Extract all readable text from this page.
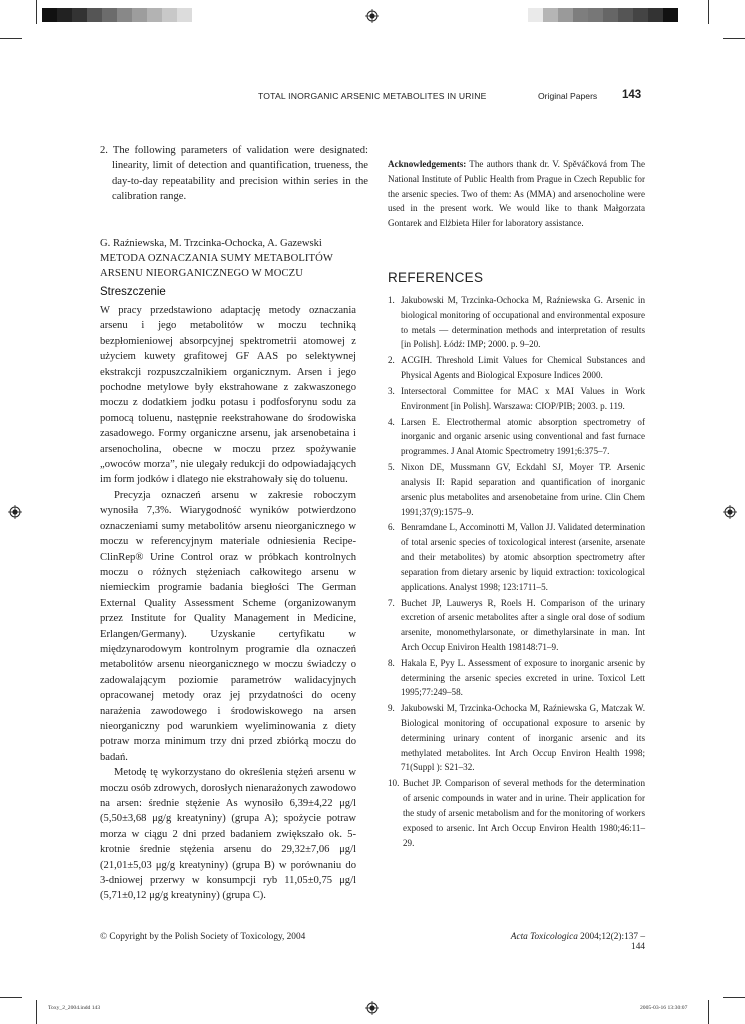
TOTAL INORGANIC ARSENIC METABOLITES IN URINE	Original Papers 143
2. The following parameters of validation were designated: linearity, limit of detection and quantification, trueness, the day-to-day repeatability and precision within series in the calibration range.
G. Raźniewska, M. Trzcinka-Ochocka, A. Gazewski
METODA OZNACZANIA SUMY METABOLITÓW ARSENU NIEORGANICZNEGO W MOCZU
Streszczenie

W pracy przedstawiono adaptację metody oznaczania arsenu i jego metabolitów w moczu techniką bezpłomieniowej absorpcyjnej spektrometrii atomowej z użyciem kuwety grafitowej GF AAS po selektywnej ekstrakcji rozpuszczalnikiem organicznym. Arsen i jego pochodne metylowe były ekstrahowane z zakwaszonego moczu z dodatkiem jodku potasu i podfosforynu sodu za pomocą toluenu, następnie reekstrahowane do środowiska zasadowego. Formy organiczne arsenu, jak arsenobetaina i arsenocholina, obecne w moczu przez spożywanie „owoców morza”, nie ulegały redukcji do odpowiadających im form jodków i dlatego nie ekstrahowały się do toluenu.

Precyzja oznaczeń arsenu w zakresie roboczym wynosiła 7,3%. Wiarygodność wyników potwierdzono oznaczeniami sumy metabolitów arsenu nieorganicznego w moczu w referencyjnym materiale odniesienia Recipe-ClinRep® Urine Control oraz w próbkach kontrolnych moczu o różnych stężeniach całkowitego arsenu w niemieckim programie badania biegłości The German External Quality Assessment Scheme (organizowanym przez Institute for Quality Management in Medicine, Erlangen/Germany). Uzyskanie certyfikatu w międzynarodowym kontrolnym programie dla oznaczeń metabolitów arsenu nieorganicznego w moczu świadczy o zadowalającym poziomie parametrów walidacyjnych opracowanej metody oraz jej przydatności do oceny narażenia zawodowego i środowiskowego na arsen nieorganiczny pod warunkiem wyeliminowania z diety potraw morza minimum trzy dni przed zbiórką moczu do badań.

Metodę tę wykorzystano do określenia stężeń arsenu w moczu osób zdrowych, dorosłych nienarażonych zawodowo na arsen: średnie stężenie As wynosiło 6,39±4,22 μg/l (5,50±3,68 μg/g kreatyniny) (grupa A); spożycie potraw morza w ciągu 2 dni przed badaniem zwiększało ok. 5-krotnie średnie stężenia arsenu do 29,32±7,06 μg/l (21,01±5,03 μg/g kreatyniny) (grupa B) w porównaniu do 3-dniowej przerwy w konsumpcji ryb 11,05±0,75 μg/l (5,71±0,12 μg/g kreatyniny) (grupa C).

Acknowledgements: The authors thank dr. V. Spěváčková from The National Institute of Public Health from Prague in Czech Republic for the arsenic species. Two of them: As (MMA) and arsenocholine were used in the present work. We would like to thank Małgorzata Gontarek and Elżbieta Hiler for laboratory assistance.
REFERENCES
1. Jakubowski M, Trzcinka-Ochocka M, Raźniewska G. Arsenic in biological monitoring of occupational and environmental exposure to metals — determination methods and interpretation of results [in Polish]. Łódź: IMP; 2000. p. 9–20.
2. ACGIH. Threshold Limit Values for Chemical Substances and Physical Agents and Biological Exposure Indices 2000.
3. Intersectoral Committee for MAC x MAI Values in Work Environment [in Polish]. Warszawa: CIOP/PIB; 2003. p. 119.
4. Larsen E. Electrothermal atomic absorption spectrometry of inorganic and organic arsenic using conventional and fast furnace programmes. J Anal Atomic Spectrometry 1991;6:375–7.
5. Nixon DE, Mussmann GV, Eckdahl SJ, Moyer TP. Arsenic analysis II: Rapid separation and quantification of inorganic arsenic plus metabolites and arsenobetaine from urine. Clin Chem 1991;37(9):1575–9.
6. Benramdane L, Accominotti M, Vallon JJ. Validated determination of total arsenic species of toxicological interest (arsenite, arsenate and their metabolites) by atomic absorption spectrometry after separation from dietary arsenic by liquid extraction: toxicological applications. Analyst 1998; 123:1711–5.
7. Buchet JP, Lauwerys R, Roels H. Comparison of the urinary excretion of arsenic metabolites after a single oral dose of sodium arsenite, monomethylarsonate, or dimethylarsinate in man. Int Arch Occup Eniviron Health 198148:71–9.
8. Hakala E, Pyy L. Assessment of exposure to inorganic arsenic by determining the arsenic species excreted in urine. Toxicol Lett 1995;77:249–58.
9. Jakubowski M, Trzcinka-Ochocka M, Raźniewska G, Matczak W. Biological monitoring of occupational exposure to arsenic by determining urinary content of inorganic arsenic and its methylated metabolites. Int Arch Occup Environ Health 1998; 71(Suppl ): S21–32.
10. Buchet JP. Comparison of several methods for the determination of arsenic compounds in water and in urine. Their application for the study of arsenic metabolism and for the monitoring of workers exposed to arsenic. Int Arch Occup Environ Health 1980;46:11–29.
© Copyright by the Polish Society of Toxicology, 2004	Acta Toxicologica 2004;12(2):137 – 144
Toxy_2_2004.indd 143	2005-03-16 13:30:07
